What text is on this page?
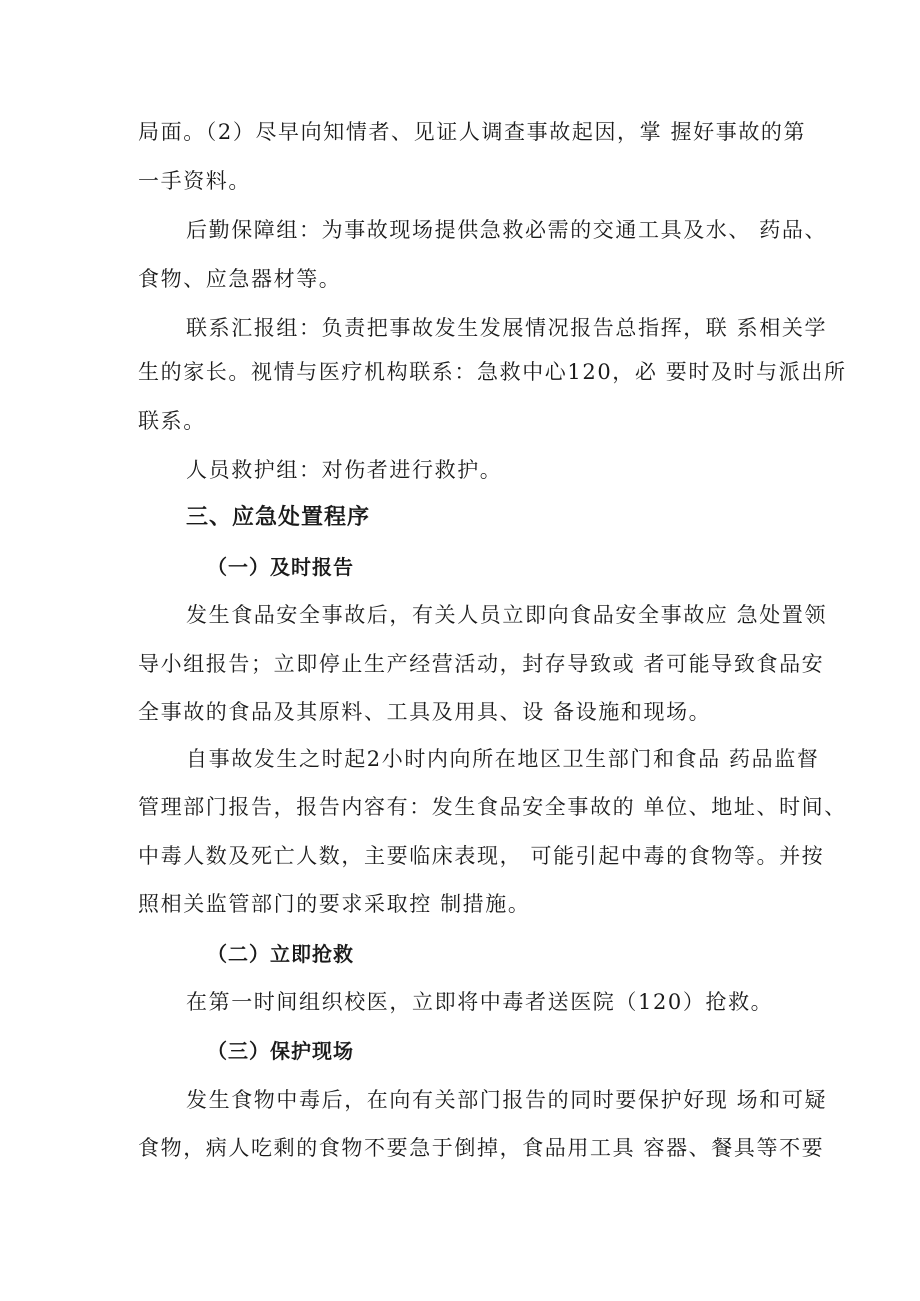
局面。（2）尽早向知情者、见证人调查事故起因，掌 握好事故的第
一手资料。
后勤保障组：为事故现场提供急救必需的交通工具及水、 药品、
食物、应急器材等。
联系汇报组：负责把事故发生发展情况报告总指挥，联 系相关学
生的家长。视情与医疗机构联系：急救中心120，必 要时及时与派出所
联系。
人员救护组：对伤者进行救护。
三、应急处置程序
（一）及时报告
发生食品安全事故后，有关人员立即向食品安全事故应 急处置领
导小组报告；立即停止生产经营活动，封存导致或 者可能导致食品安
全事故的食品及其原料、工具及用具、设 备设施和现场。
自事故发生之时起2小时内向所在地区卫生部门和食品 药品监督
管理部门报告，报告内容有：发生食品安全事故的 单位、地址、时间、
中毒人数及死亡人数，主要临床表现， 可能引起中毒的食物等。并按
照相关监管部门的要求采取控 制措施。
（二）立即抢救
在第一时间组织校医，立即将中毒者送医院（120）抢救。
（三）保护现场
发生食物中毒后，在向有关部门报告的同时要保护好现 场和可疑
食物，病人吃剩的食物不要急于倒掉，食品用工具 容器、餐具等不要
